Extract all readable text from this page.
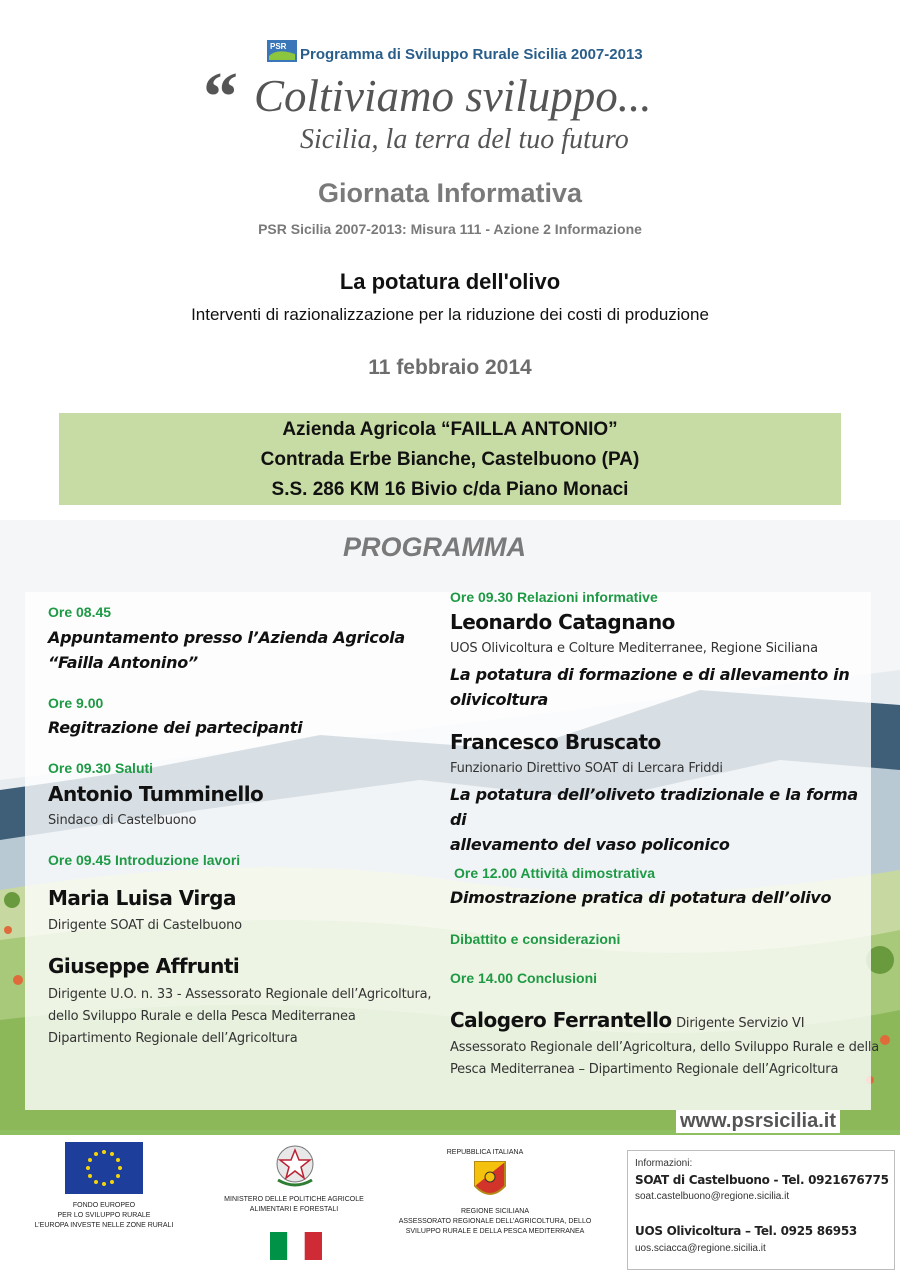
PSR Programma di Sviluppo Rurale Sicilia 2007-2013
“ Coltiviamo sviluppo...
Sicilia, la terra del tuo futuro
Giornata Informativa
PSR Sicilia 2007-2013: Misura 111 - Azione 2 Informazione
La potatura dell'olivo
Interventi di razionalizzazione per la riduzione dei costi di produzione
11 febbraio 2014
Azienda Agricola “FAILLA ANTONIO”
Contrada Erbe Bianche, Castelbuono (PA)
S.S. 286 KM 16 Bivio c/da Piano Monaci
PROGRAMMA
Ore 08.45
Appuntamento presso l’Azienda Agricola
“Failla Antonino”
Ore 9.00
Regitrazione dei partecipanti
Ore 09.30 Saluti
Antonio Tumminello
Sindaco di Castelbuono
Ore 09.45 Introduzione lavori
Maria Luisa Virga
Dirigente SOAT di Castelbuono
Giuseppe Affrunti
Dirigente U.O. n. 33 - Assessorato Regionale dell’Agricoltura,
dello Sviluppo Rurale e della Pesca Mediterranea
Dipartimento Regionale dell’Agricoltura
Ore 09.30 Relazioni informative
Leonardo Catagnano
UOS Olivicoltura e Colture Mediterranee, Regione Siciliana
La potatura di formazione e di allevamento in
olivicoltura
Francesco Bruscato
Funzionario Direttivo SOAT di Lercara Friddi
La potatura dell’oliveto tradizionale e la forma di
allevamento del vaso policonico
Ore 12.00 Attività dimostrativa
Dimostrazione pratica di potatura dell’olivo
Dibattito e considerazioni
Ore 14.00 Conclusioni
Calogero Ferrantello Dirigente Servizio VI
Assessorato Regionale dell’Agricoltura, dello Sviluppo Rurale e della
Pesca Mediterranea – Dipartimento Regionale dell’Agricoltura
www.psrsicilia.it
FONDO EUROPEO
PER LO SVILUPPO RURALE
L’EUROPA INVESTE NELLE ZONE RURALI
MINISTERO DELLE POLITICHE AGRICOLE
ALIMENTARI E FORESTALI
REPUBBLICA ITALIANA
REGIONE SICILIANA
ASSESSORATO REGIONALE DELL’AGRICOLTURA, DELLO
SVILUPPO RURALE E DELLA PESCA MEDITERRANEA
Informazioni:
SOAT di Castelbuono - Tel. 0921676775
soat.castelbuono@regione.sicilia.it
UOS Olivicoltura – Tel. 0925 86953
uos.sciacca@regione.sicilia.it
